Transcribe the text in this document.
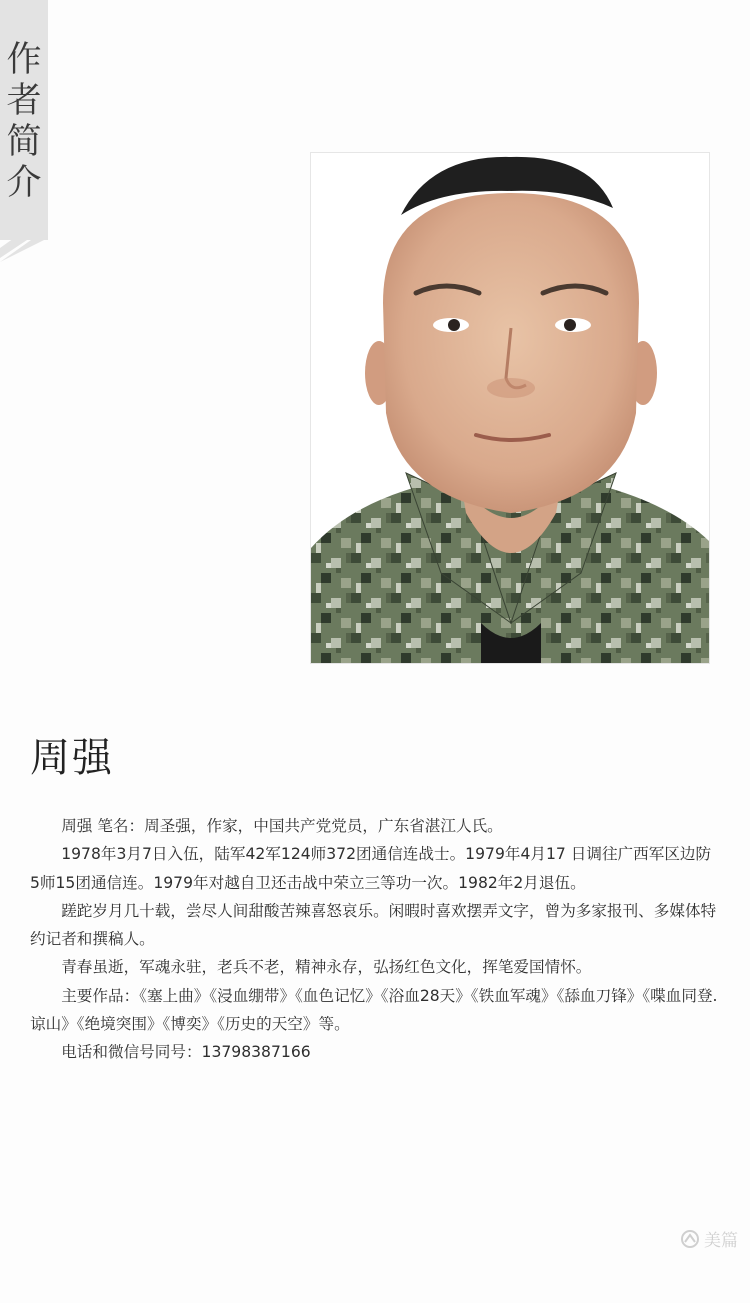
作
者
简
介
周强

周强 笔名：周圣强，作家，中国共产党党员，广东省湛江人氏。

1978年3月7日入伍，陆军42军124师372团通信连战士。1979年4月17 日调往广西军区边防5师15团通信连。1979年对越自卫还击战中荣立三等功一次。1982年2月退伍。

蹉跎岁月几十载，尝尽人间甜酸苦辣喜怒哀乐。闲暇时喜欢摆弄文字，曾为多家报刊、多媒体特约记者和撰稿人。

青春虽逝，军魂永驻，老兵不老，精神永存，弘扬红色文化，挥笔爱国情怀。

主要作品：《塞上曲》《浸血绷带》《血色记忆》《浴血28天》《铁血军魂》《舔血刀锋》《喋血同登.谅山》《绝境突围》《博奕》《历史的天空》等。

电话和微信号同号：13798387166

美篇
